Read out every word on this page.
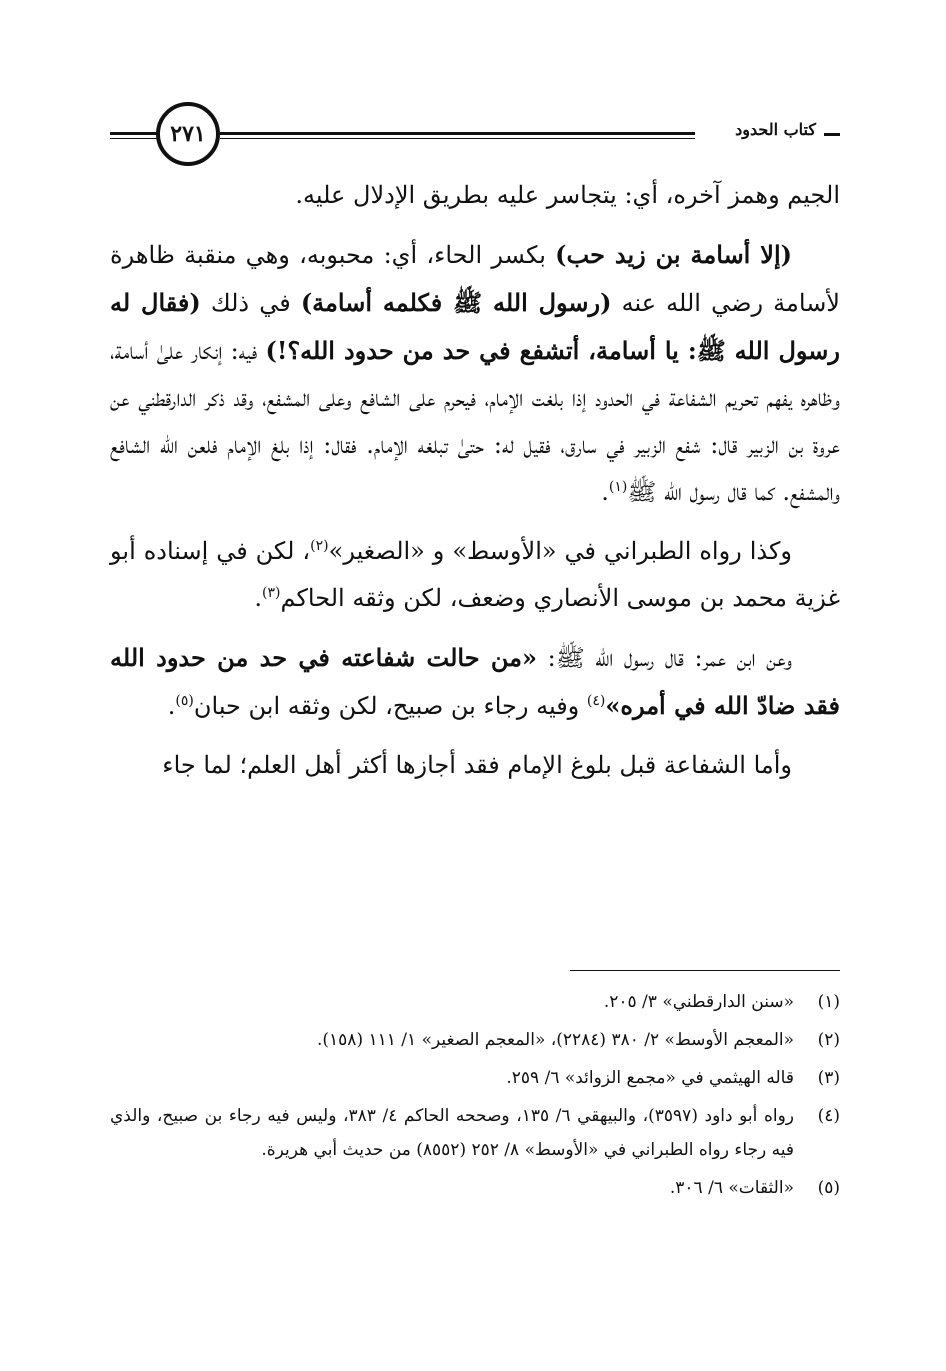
كتاب الحدود
٢٧١

الجيم وهمز آخره، أي: يتجاسر عليه بطريق الإدلال عليه.

(إلا أسامة بن زيد حب) بكسر الحاء، أي: محبوبه، وهي منقبة ظاهرة لأسامة رضي الله عنه (رسول الله ﷺ فكلمه أسامة) في ذلك (فقال له رسول الله ﷺ: يا أسامة، أتشفع في حد من حدود الله؟!) فيه: إنكار علىٰ أسامة، وظاهره يفهم تحريم الشفاعة في الحدود إذا بلغت الإمام، فيحرم على الشافع وعلى المشفع، وقد ذكر الدارقطني عن عروة بن الزبير قال: شفع الزبير في سارق، فقيل له: حتىٰ تبلغه الإمام. فقال: إذا بلغ الإمام فلعن الله الشافع والمشفع. كما قال رسول الله ﷺ$^{(١)}$.

وكذا رواه الطبراني في «الأوسط» و «الصغير»$^{(٢)}$، لكن في إسناده أبو غزية محمد بن موسى الأنصاري وضعف، لكن وثقه الحاكم$^{(٣)}$.

وعن ابن عمر: قال رسول الله ﷺ: «من حالت شفاعته في حد من حدود الله فقد ضادّ الله في أمره»$^{(٤)}$ وفيه رجاء بن صبيح، لكن وثقه ابن حبان$^{(٥)}$.

وأما الشفاعة قبل بلوغ الإمام فقد أجازها أكثر أهل العلم؛ لما جاء

(١)
«سنن الدارقطني» ٣/ ٢٠٥.
(٢)
«المعجم الأوسط» ٢/ ٣٨٠ (٢٢٨٤)، «المعجم الصغير» ١/ ١١١ (١٥٨).
(٣)
قاله الهيثمي في «مجمع الزوائد» ٦/ ٢٥٩.
(٤)
رواه أبو داود (٣٥٩٧)، والبيهقي ٦/ ١٣٥، وصححه الحاكم ٤/ ٣٨٣، وليس فيه رجاء بن صبيح، والذي فيه رجاء رواه الطبراني في «الأوسط» ٨/ ٢٥٢ (٨٥٥٢) من حديث أبي هريرة.
(٥)
«الثقات» ٦/ ٣٠٦.
